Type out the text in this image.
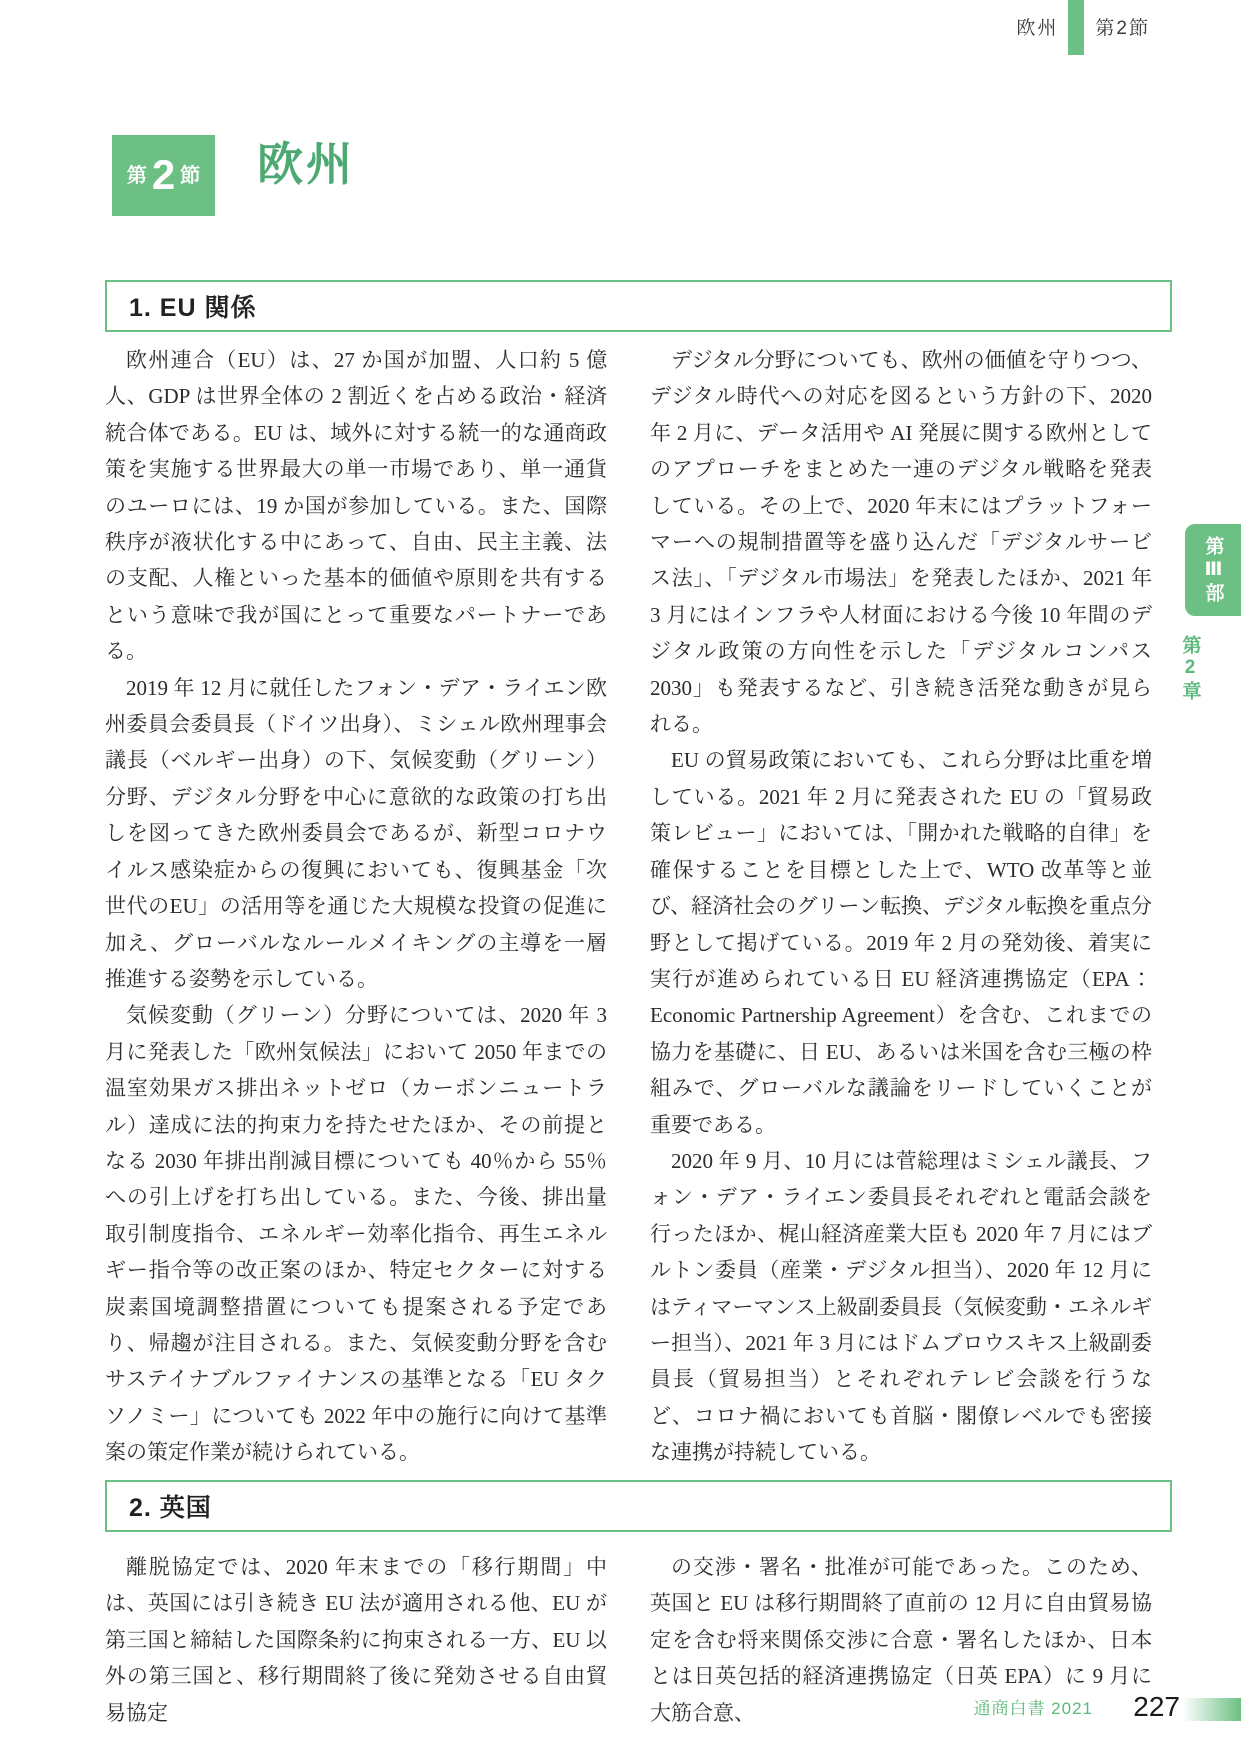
欧州 第2節
第 2 節 欧州
1. EU 関係

欧州連合（EU）は、27 か国が加盟、人口約 5 億人、GDP は世界全体の 2 割近くを占める政治・経済統合体である。EU は、域外に対する統一的な通商政策を実施する世界最大の単一市場であり、単一通貨のユーロには、19 か国が参加している。また、国際秩序が液状化する中にあって、自由、民主主義、法の支配、人権といった基本的価値や原則を共有するという意味で我が国にとって重要なパートナーである。

2019 年 12 月に就任したフォン・デア・ライエン欧州委員会委員長（ドイツ出身）、ミシェル欧州理事会議長（ベルギー出身）の下、気候変動（グリーン）分野、デジタル分野を中心に意欲的な政策の打ち出しを図ってきた欧州委員会であるが、新型コロナウイルス感染症からの復興においても、復興基金「次世代のEU」の活用等を通じた大規模な投資の促進に加え、グローバルなルールメイキングの主導を一層推進する姿勢を示している。

気候変動（グリーン）分野については、2020 年 3 月に発表した「欧州気候法」において 2050 年までの温室効果ガス排出ネットゼロ（カーボンニュートラル）達成に法的拘束力を持たせたほか、その前提となる 2030 年排出削減目標についても 40％から 55％への引上げを打ち出している。また、今後、排出量取引制度指令、エネルギー効率化指令、再生エネルギー指令等の改正案のほか、特定セクターに対する炭素国境調整措置についても提案される予定であり、帰趨が注目される。また、気候変動分野を含むサステイナブルファイナンスの基準となる「EU タクソノミー」についても 2022 年中の施行に向けて基準案の策定作業が続けられている。

デジタル分野についても、欧州の価値を守りつつ、デジタル時代への対応を図るという方針の下、2020 年 2 月に、データ活用や AI 発展に関する欧州としてのアプローチをまとめた一連のデジタル戦略を発表している。その上で、2020 年末にはプラットフォーマーへの規制措置等を盛り込んだ「デジタルサービス法」、「デジタル市場法」を発表したほか、2021 年 3 月にはインフラや人材面における今後 10 年間のデジタル政策の方向性を示した「デジタルコンパス 2030」も発表するなど、引き続き活発な動きが見られる。

EU の貿易政策においても、これら分野は比重を増している。2021 年 2 月に発表された EU の「貿易政策レビュー」においては、「開かれた戦略的自律」を確保することを目標とした上で、WTO 改革等と並び、経済社会のグリーン転換、デジタル転換を重点分野として掲げている。2019 年 2 月の発効後、着実に実行が進められている日 EU 経済連携協定（EPA：Economic Partnership Agreement）を含む、これまでの協力を基礎に、日 EU、あるいは米国を含む三極の枠組みで、グローバルな議論をリードしていくことが重要である。

2020 年 9 月、10 月には菅総理はミシェル議長、フォン・デア・ライエン委員長それぞれと電話会談を行ったほか、梶山経済産業大臣も 2020 年 7 月にはブルトン委員（産業・デジタル担当）、2020 年 12 月にはティマーマンス上級副委員長（気候変動・エネルギー担当）、2021 年 3 月にはドムブロウスキス上級副委員長（貿易担当）とそれぞれテレビ会談を行うなど、コロナ禍においても首脳・閣僚レベルでも密接な連携が持続している。

2. 英国

離脱協定では、2020 年末までの「移行期間」中は、英国には引き続き EU 法が適用される他、EU が第三国と締結した国際条約に拘束される一方、EU 以外の第三国と、移行期間終了後に発効させる自由貿易協定

の交渉・署名・批准が可能であった。このため、英国と EU は移行期間終了直前の 12 月に自由貿易協定を含む将来関係交渉に合意・署名したほか、日本とは日英包括的経済連携協定（日英 EPA）に 9 月に大筋合意、

第Ⅲ部
第2章
通商白書 2021 227
